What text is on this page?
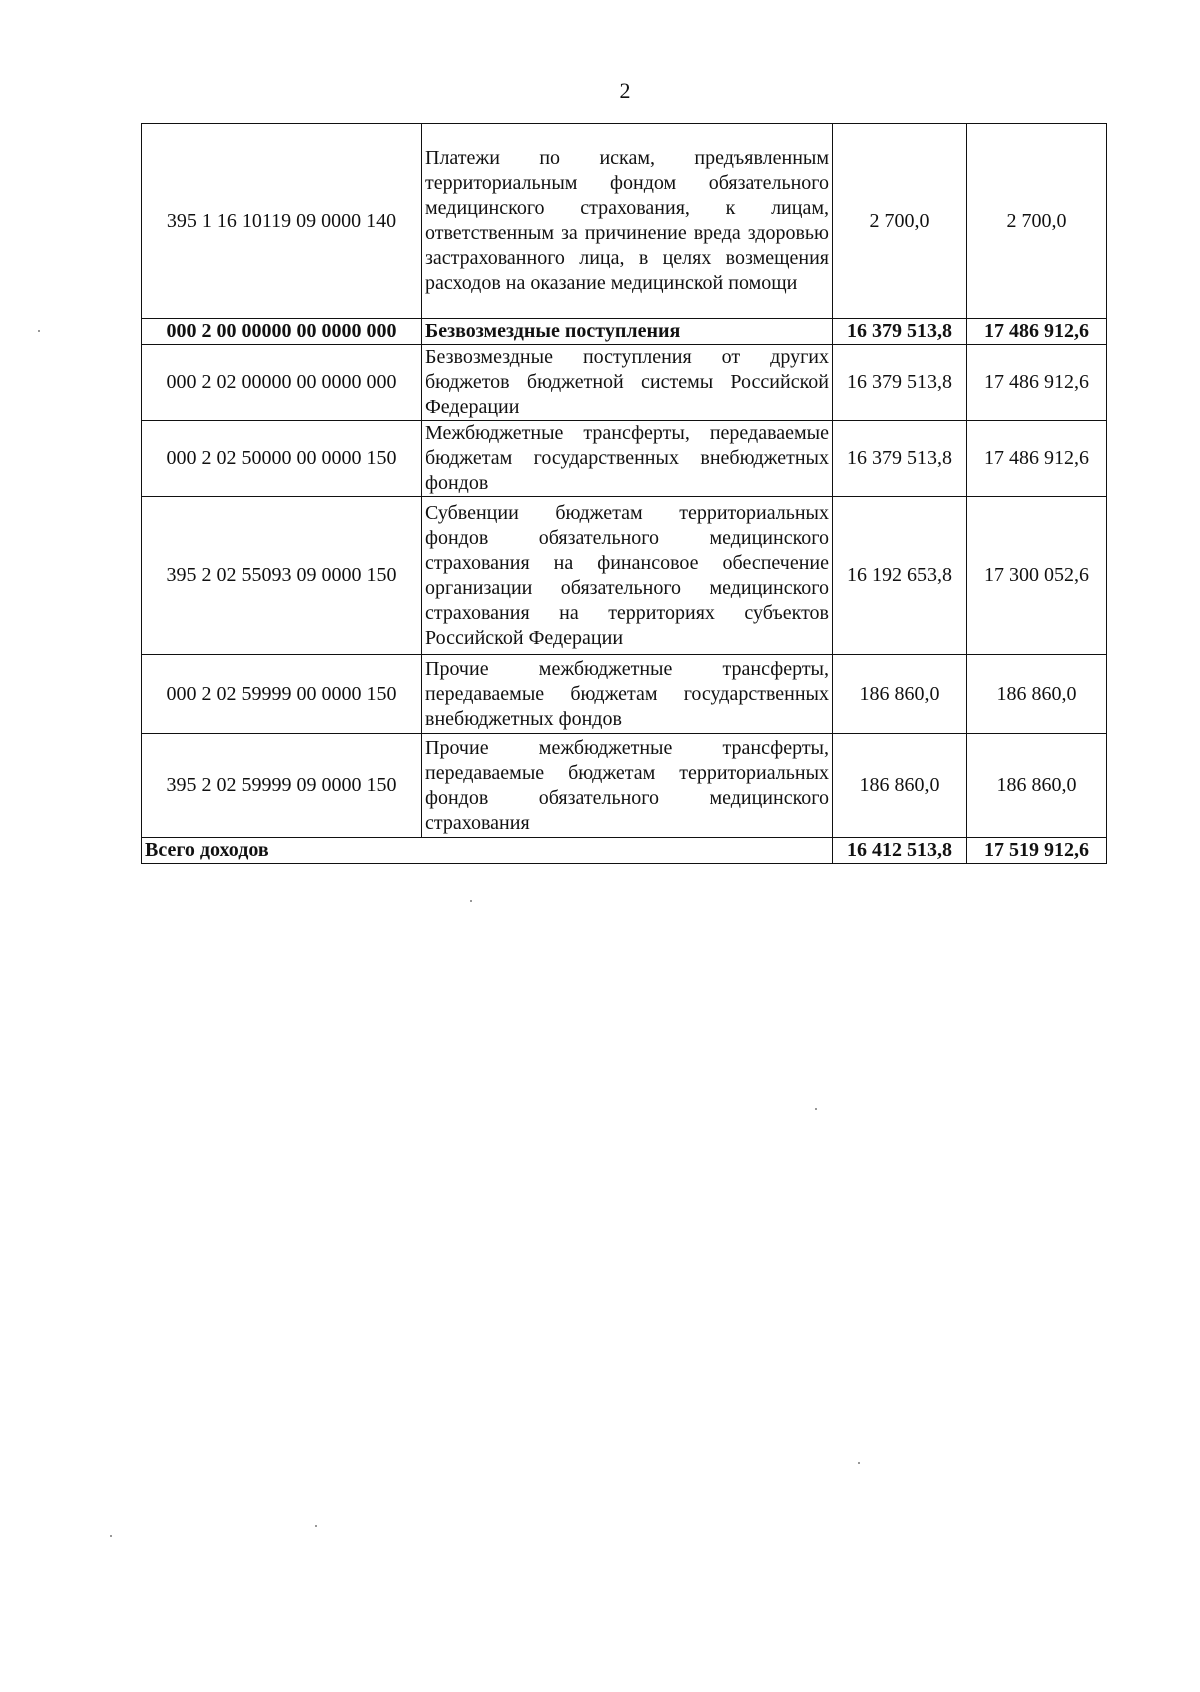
2
395 1 16 10119 09 0000 140	Платежи по искам, предъявленным территориальным фондом обязательного медицинского страхования, к лицам, ответственным за причинение вреда здоровью застрахованного лица, в целях возмещения расходов на оказание медицинской помощи	2 700,0	2 700,0
000 2 00 00000 00 0000 000	Безвозмездные поступления	16 379 513,8	17 486 912,6
000 2 02 00000 00 0000 000	Безвозмездные поступления от других бюджетов бюджетной системы Российской Федерации	16 379 513,8	17 486 912,6
000 2 02 50000 00 0000 150	Межбюджетные трансферты, передаваемые бюджетам государственных внебюджетных фондов	16 379 513,8	17 486 912,6
395 2 02 55093 09 0000 150	Субвенции бюджетам территориальных фондов обязательного медицинского страхования на финансовое обеспечение организации обязательного медицинского страхования на территориях субъектов Российской Федерации	16 192 653,8	17 300 052,6
000 2 02 59999 00 0000 150	Прочие межбюджетные трансферты, передаваемые бюджетам государственных внебюджетных фондов	186 860,0	186 860,0
395 2 02 59999 09 0000 150	Прочие межбюджетные трансферты, передаваемые бюджетам территориальных фондов обязательного медицинского страхования	186 860,0	186 860,0
Всего доходов		16 412 513,8	17 519 912,6
